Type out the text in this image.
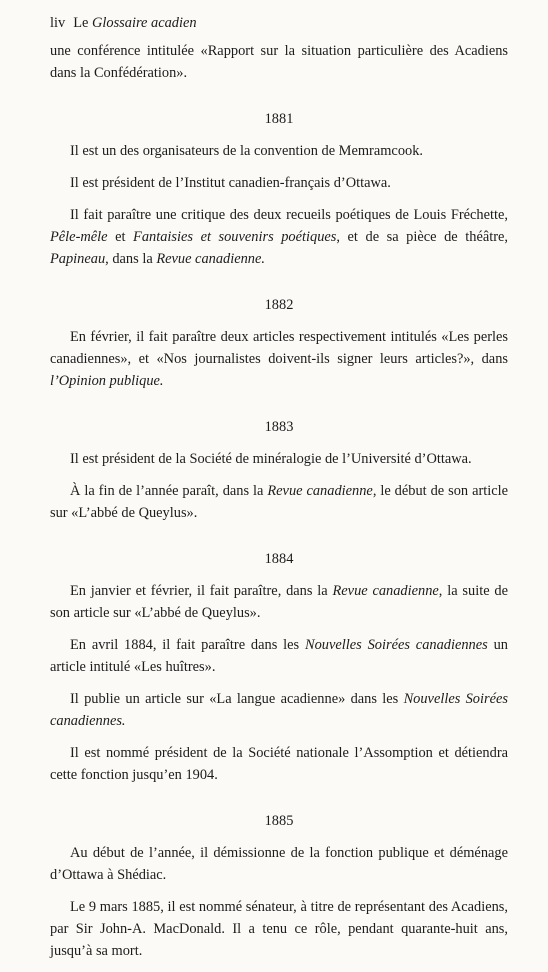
liv Le Glossaire acadien

une conférence intitulée «Rapport sur la situation particulière des Acadiens dans la Confédération».

1881

Il est un des organisateurs de la convention de Memramcook.

Il est président de l’Institut canadien-français d’Ottawa.

Il fait paraître une critique des deux recueils poétiques de Louis Fréchette, Pêle-mêle et Fantaisies et souvenirs poétiques, et de sa pièce de théâtre, Papineau, dans la Revue canadienne.

1882

En février, il fait paraître deux articles respectivement intitulés «Les perles canadiennes», et «Nos journalistes doivent-ils signer leurs articles?», dans l’Opinion publique.

1883

Il est président de la Société de minéralogie de l’Université d’Ottawa.

À la fin de l’année paraît, dans la Revue canadienne, le début de son article sur «L’abbé de Queylus».

1884

En janvier et février, il fait paraître, dans la Revue canadienne, la suite de son article sur «L’abbé de Queylus».

En avril 1884, il fait paraître dans les Nouvelles Soirées canadiennes un article intitulé «Les huîtres».

Il publie un article sur «La langue acadienne» dans les Nouvelles Soirées canadiennes.

Il est nommé président de la Société nationale l’Assomption et détiendra cette fonction jusqu’en 1904.

1885

Au début de l’année, il démissionne de la fonction publique et déménage d’Ottawa à Shédiac.

Le 9 mars 1885, il est nommé sénateur, à titre de représentant des Acadiens, par Sir John-A. MacDonald. Il a tenu ce rôle, pendant quarante-huit ans, jusqu’à sa mort.
